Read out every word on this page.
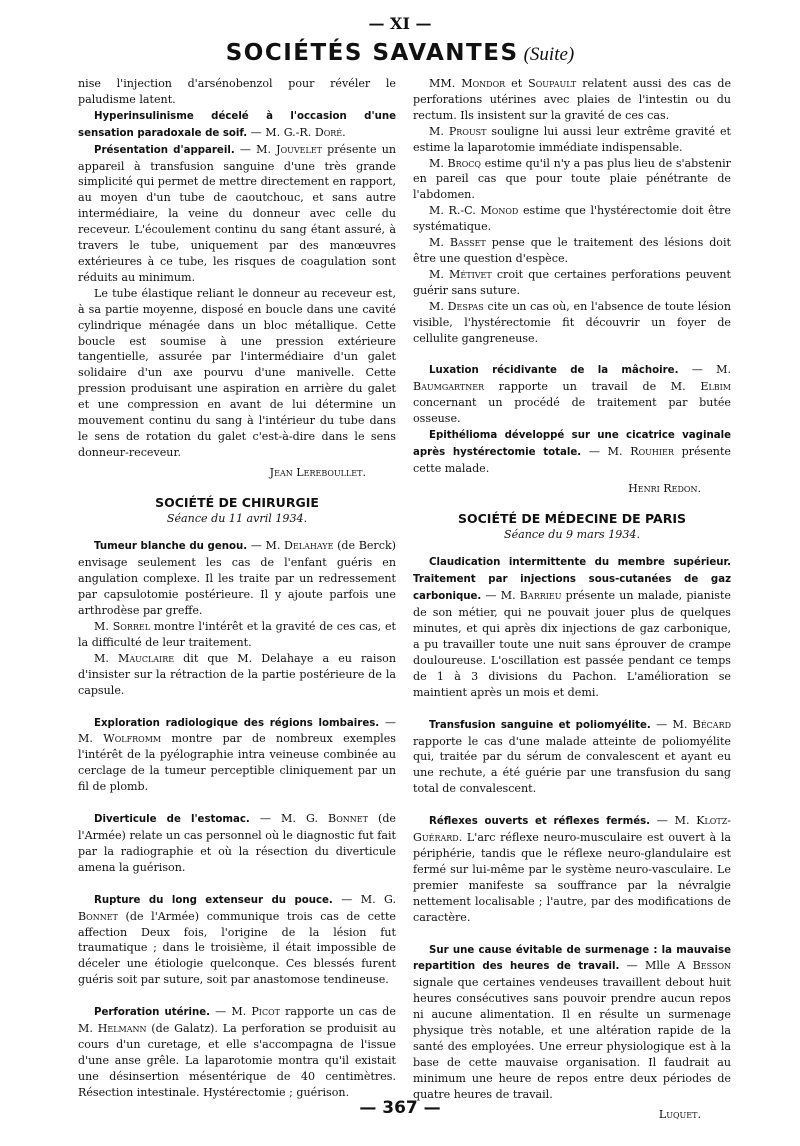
— XI —
SOCIÉTÉS SAVANTES (Suite)

nise l'injection d'arsénobenzol pour révéler le paludisme latent.

Hyperinsulinisme décelé à l'occasion d'une sensation paradoxale de soif. — M. G.-R. Doré.

Présentation d'appareil. — M. Jouvelet présente un appareil à transfusion sanguine d'une très grande simplicité qui permet de mettre directement en rapport, au moyen d'un tube de caoutchouc, et sans autre intermédiaire, la veine du donneur avec celle du receveur. L'écoulement continu du sang étant assuré, à travers le tube, uniquement par des manœuvres extérieures à ce tube, les risques de coagulation sont réduits au minimum.

Le tube élastique reliant le donneur au receveur est, à sa partie moyenne, disposé en boucle dans une cavité cylindrique ménagée dans un bloc métallique. Cette boucle est soumise à une pression extérieure tangentielle, assurée par l'intermédiaire d'un galet solidaire d'un axe pourvu d'une manivelle. Cette pression produisant une aspiration en arrière du galet et une compression en avant de lui détermine un mouvement continu du sang à l'intérieur du tube dans le sens de rotation du galet c'est-à-dire dans le sens donneur-receveur.

Jean Lereboullet.

SOCIÉTÉ DE CHIRURGIE

Séance du 11 avril 1934.

Tumeur blanche du genou. — M. Delahaye (de Berck) envisage seulement les cas de l'enfant guéris en angulation complexe. Il les traite par un redressement par capsulotomie postérieure. Il y ajoute parfois une arthrodèse par greffe.

M. Sorrel montre l'intérêt et la gravité de ces cas, et la difficulté de leur traitement.

M. Mauclaire dit que M. Delahaye a eu raison d'insister sur la rétraction de la partie postérieure de la capsule.

Exploration radiologique des régions lombaires. — M. Wolfromm montre par de nombreux exemples l'intérêt de la pyélographie intra veineuse combinée au cerclage de la tumeur perceptible cliniquement par un fil de plomb.

Diverticule de l'estomac. — M. G. Bonnet (de l'Armée) relate un cas personnel où le diagnostic fut fait par la radiographie et où la résection du diverticule amena la guérison.

Rupture du long extenseur du pouce. — M. G. Bonnet (de l'Armée) communique trois cas de cette affection Deux fois, l'origine de la lésion fut traumatique ; dans le troisième, il était impossible de déceler une étiologie quelconque. Ces blessés furent guéris soit par suture, soit par anastomose tendineuse.

Perforation utérine. — M. Picot rapporte un cas de M. Helmann (de Galatz). La perforation se produisit au cours d'un curetage, et elle s'accompagna de l'issue d'une anse grêle. La laparotomie montra qu'il existait une désinsertion mésentérique de 40 centimètres. Résection intestinale. Hystérectomie ; guérison.

MM. Mondor et Soupault relatent aussi des cas de perforations utérines avec plaies de l'intestin ou du rectum. Ils insistent sur la gravité de ces cas.

M. Proust souligne lui aussi leur extrême gravité et estime la laparotomie immédiate indispensable.

M. Brocq estime qu'il n'y a pas plus lieu de s'abstenir en pareil cas que pour toute plaie pénétrante de l'abdomen.

M. R.-C. Monod estime que l'hystérectomie doit être systématique.

M. Basset pense que le traitement des lésions doit être une question d'espèce.

M. Métivet croit que certaines perforations peuvent guérir sans suture.

M. Despas cite un cas où, en l'absence de toute lésion visible, l'hystérectomie fit découvrir un foyer de cellulite gangreneuse.

Luxation récidivante de la mâchoire. — M. Baumgartner rapporte un travail de M. Elbim concernant un procédé de traitement par butée osseuse.

Epithélioma développé sur une cicatrice vaginale après hystérectomie totale. — M. Rouhier présente cette malade.

Henri Redon.

SOCIÉTÉ DE MÉDECINE DE PARIS

Séance du 9 mars 1934.

Claudication intermittente du membre supérieur. Traitement par injections sous-cutanées de gaz carbonique. — M. Barrieu présente un malade, pianiste de son métier, qui ne pouvait jouer plus de quelques minutes, et qui après dix injections de gaz carbonique, a pu travailler toute une nuit sans éprouver de crampe douloureuse. L'oscillation est passée pendant ce temps de 1 à 3 divisions du Pachon. L'amélioration se maintient après un mois et demi.

Transfusion sanguine et poliomyélite. — M. Bécard rapporte le cas d'une malade atteinte de poliomyélite qui, traitée par du sérum de convalescent et ayant eu une rechute, a été guérie par une transfusion du sang total de convalescent.

Réflexes ouverts et réflexes fermés. — M. Klotz-Guérard. L'arc réflexe neuro-musculaire est ouvert à la périphérie, tandis que le réflexe neuro-glandulaire est fermé sur lui-même par le système neuro-vasculaire. Le premier manifeste sa souffrance par la névralgie nettement localisable ; l'autre, par des modifications de caractère.

Sur une cause évitable de surmenage : la mauvaise repartition des heures de travail. — Mlle A Besson signale que certaines vendeuses travaillent debout huit heures consécutives sans pouvoir prendre aucun repos ni aucune alimentation. Il en résulte un surmenage physique très notable, et une altération rapide de la santé des employées. Une erreur physiologique est à la base de cette mauvaise organisation. Il faudrait au minimum une heure de repos entre deux périodes de quatre heures de travail.

Luquet.

— 367 —
